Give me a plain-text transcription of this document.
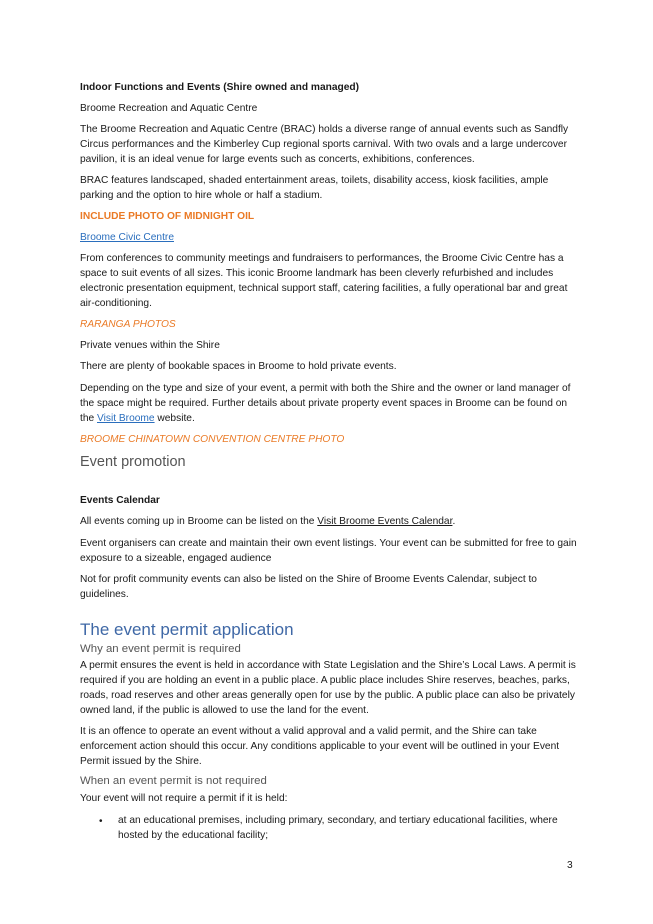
Indoor Functions and Events (Shire owned and managed)
Broome Recreation and Aquatic Centre
The Broome Recreation and Aquatic Centre (BRAC) holds a diverse range of annual events such as Sandfly Circus performances and the Kimberley Cup regional sports carnival. With two ovals and a large undercover pavilion, it is an ideal venue for large events such as concerts, exhibitions, conferences.
BRAC features landscaped, shaded entertainment areas, toilets, disability access, kiosk facilities, ample parking and the option to hire whole or half a stadium.
INCLUDE PHOTO OF MIDNIGHT OIL
Broome Civic Centre
From conferences to community meetings and fundraisers to performances, the Broome Civic Centre has a space to suit events of all sizes. This iconic Broome landmark has been cleverly refurbished and includes electronic presentation equipment, technical support staff, catering facilities, a fully operational bar and great air-conditioning.
RARANGA PHOTOS
Private venues within the Shire
There are plenty of bookable spaces in Broome to hold private events.
Depending on the type and size of your event, a permit with both the Shire and the owner or land manager of the space might be required. Further details about private property event spaces in Broome can be found on the Visit Broome website.
BROOME CHINATOWN CONVENTION CENTRE PHOTO
Event promotion
Events Calendar
All events coming up in Broome can be listed on the Visit Broome Events Calendar.
Event organisers can create and maintain their own event listings. Your event can be submitted for free to gain exposure to a sizeable, engaged audience
Not for profit community events can also be listed on the Shire of Broome Events Calendar, subject to guidelines.
The event permit application
Why an event permit is required
A permit ensures the event is held in accordance with State Legislation and the Shire’s Local Laws. A permit is required if you are holding an event in a public place. A public place includes Shire reserves, beaches, parks, roads, road reserves and other areas generally open for use by the public. A public place can also be privately owned land, if the public is allowed to use the land for the event.
It is an offence to operate an event without a valid approval and a valid permit, and the Shire can take enforcement action should this occur. Any conditions applicable to your event will be outlined in your Event Permit issued by the Shire.
When an event permit is not required
Your event will not require a permit if it is held:
• at an educational premises, including primary, secondary, and tertiary educational facilities, where hosted by the educational facility;
3
